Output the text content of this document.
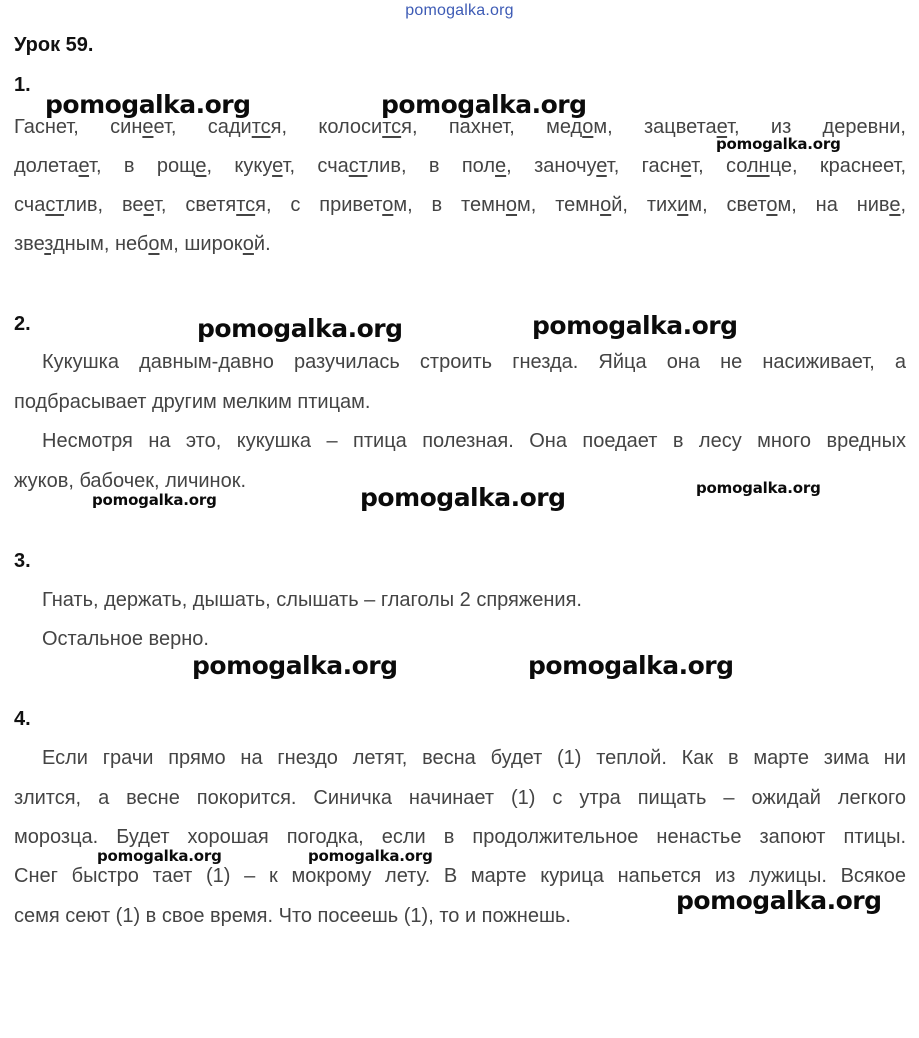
pomogalka.org
Урок 59.
1.
Гаснет, синеет, садится, колосится, пахнет, медом, зацветает, из деревни,
долетает, в роще, кукует, счастлив, в поле, заночует, гаснет, солнце, краснеет,
счастлив, веет, светятся, с приветом, в темном, темной, тихим, светом, на ниве,
звездным, небом, широкой.
2.
Кукушка давным-давно разучилась строить гнезда. Яйца она не насиживает, а
подбрасывает другим мелким птицам.
Несмотря на это, кукушка – птица полезная. Она поедает в лесу много вредных
жуков, бабочек, личинок.
3.
Гнать, держать, дышать, слышать – глаголы 2 спряжения.
Остальное верно.
4.
Если грачи прямо на гнездо летят, весна будет (1) теплой. Как в марте зима ни
злится, а весне покорится. Синичка начинает (1) с утра пищать – ожидай легкого
морозца. Будет хорошая погодка, если в продолжительное ненастье запоют птицы.
Снег быстро тает (1) – к мокрому лету. В марте курица напьется из лужицы. Всякое
семя сеют (1) в свое время. Что посеешь (1), то и пожнешь.
pomogalka.org	pomogalka.org
pomogalka.org
pomogalka.org	pomogalka.org
pomogalka.org	pomogalka.org	pomogalka.org
pomogalka.org	pomogalka.org
pomogalka.org	pomogalka.org
pomogalka.org
